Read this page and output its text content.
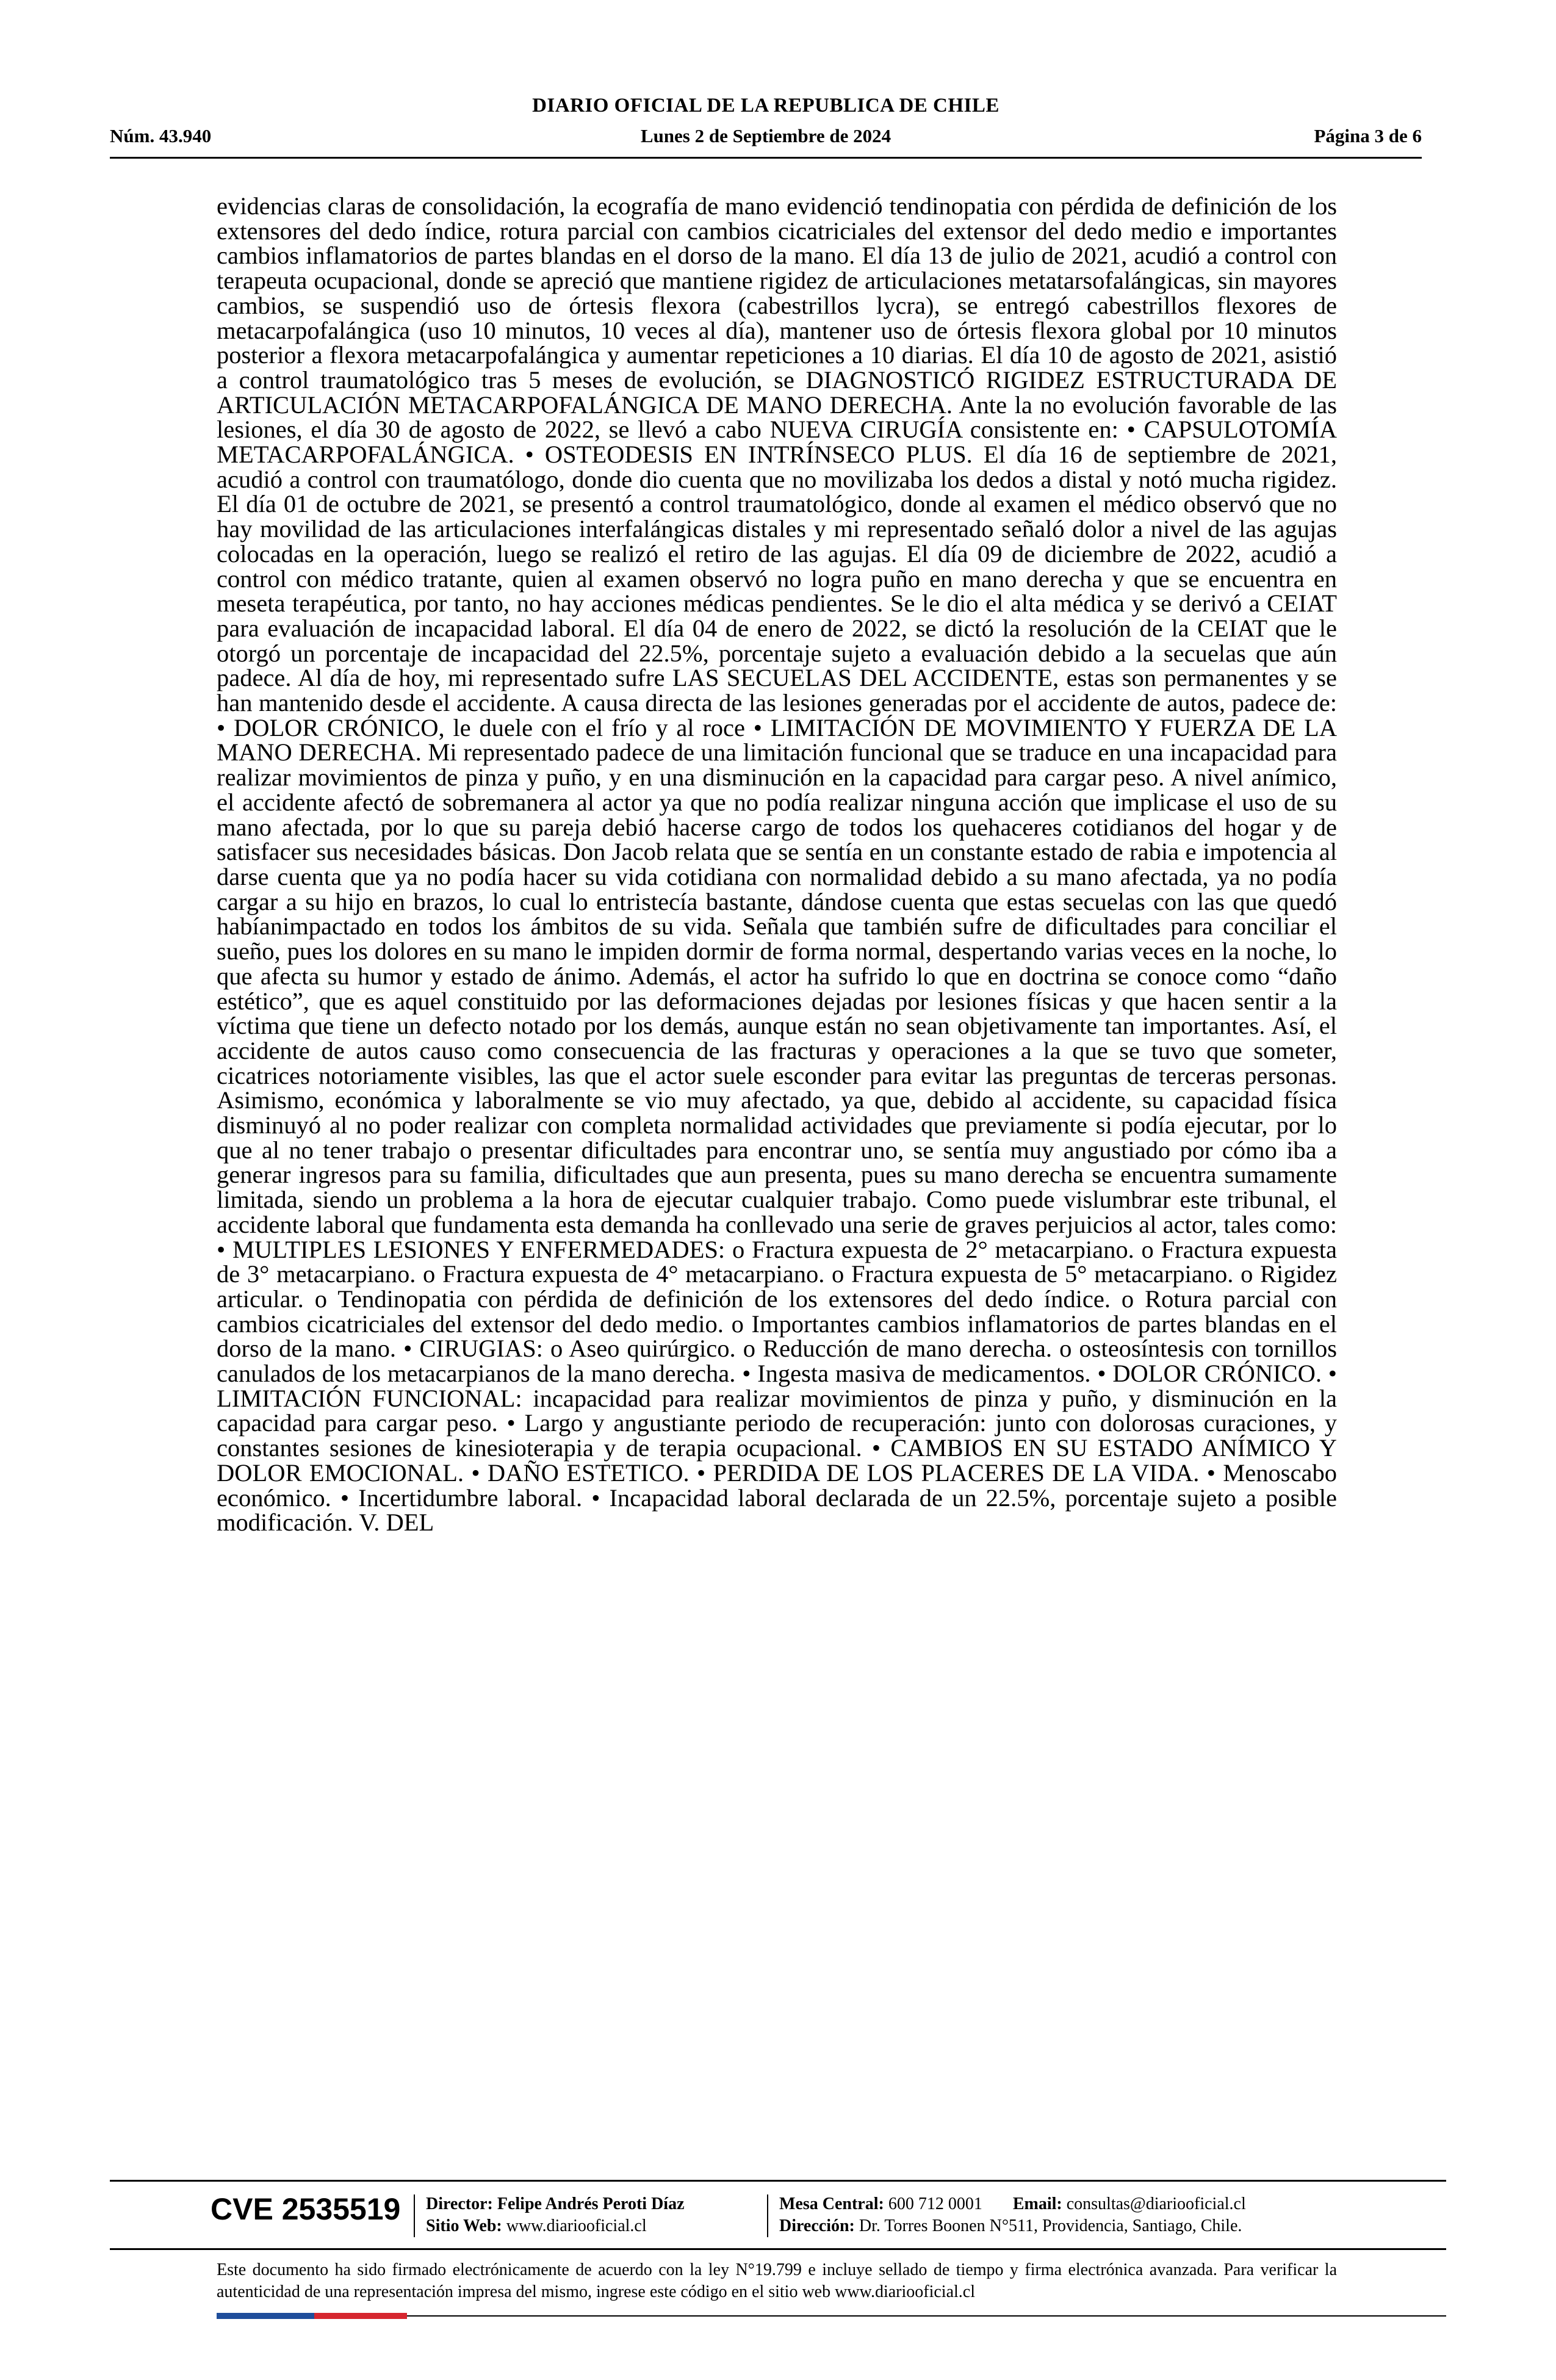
DIARIO OFICIAL DE LA REPUBLICA DE CHILE
Núm. 43.940	Lunes 2 de Septiembre de 2024	Página 3 de 6

evidencias claras de consolidación, la ecografía de mano evidenció tendinopatia con pérdida de definición de los extensores del dedo índice, rotura parcial con cambios cicatriciales del extensor del dedo medio e importantes cambios inflamatorios de partes blandas en el dorso de la mano. El día 13 de julio de 2021, acudió a control con terapeuta ocupacional, donde se apreció que mantiene rigidez de articulaciones metatarsofalángicas, sin mayores cambios, se suspendió uso de órtesis flexora (cabestrillos lycra), se entregó cabestrillos flexores de metacarpofalángica (uso 10 minutos, 10 veces al día), mantener uso de órtesis flexora global por 10 minutos posterior a flexora metacarpofalángica y aumentar repeticiones a 10 diarias. El día 10 de agosto de 2021, asistió a control traumatológico tras 5 meses de evolución, se DIAGNOSTICÓ RIGIDEZ ESTRUCTURADA DE ARTICULACIÓN METACARPOFALÁNGICA DE MANO DERECHA. Ante la no evolución favorable de las lesiones, el día 30 de agosto de 2022, se llevó a cabo NUEVA CIRUGÍA consistente en: • CAPSULOTOMÍA METACARPOFALÁNGICA. • OSTEODESIS EN INTRÍNSECO PLUS. El día 16 de septiembre de 2021, acudió a control con traumatólogo, donde dio cuenta que no movilizaba los dedos a distal y notó mucha rigidez. El día 01 de octubre de 2021, se presentó a control traumatológico, donde al examen el médico observó que no hay movilidad de las articulaciones interfalángicas distales y mi representado señaló dolor a nivel de las agujas colocadas en la operación, luego se realizó el retiro de las agujas. El día 09 de diciembre de 2022, acudió a control con médico tratante, quien al examen observó no logra puño en mano derecha y que se encuentra en meseta terapéutica, por tanto, no hay acciones médicas pendientes. Se le dio el alta médica y se derivó a CEIAT para evaluación de incapacidad laboral. El día 04 de enero de 2022, se dictó la resolución de la CEIAT que le otorgó un porcentaje de incapacidad del 22.5%, porcentaje sujeto a evaluación debido a la secuelas que aún padece. Al día de hoy, mi representado sufre LAS SECUELAS DEL ACCIDENTE, estas son permanentes y se han mantenido desde el accidente. A causa directa de las lesiones generadas por el accidente de autos, padece de: • DOLOR CRÓNICO, le duele con el frío y al roce • LIMITACIÓN DE MOVIMIENTO Y FUERZA DE LA MANO DERECHA. Mi representado padece de una limitación funcional que se traduce en una incapacidad para realizar movimientos de pinza y puño, y en una disminución en la capacidad para cargar peso. A nivel anímico, el accidente afectó de sobremanera al actor ya que no podía realizar ninguna acción que implicase el uso de su mano afectada, por lo que su pareja debió hacerse cargo de todos los quehaceres cotidianos del hogar y de satisfacer sus necesidades básicas. Don Jacob relata que se sentía en un constante estado de rabia e impotencia al darse cuenta que ya no podía hacer su vida cotidiana con normalidad debido a su mano afectada, ya no podía cargar a su hijo en brazos, lo cual lo entristecía bastante, dándose cuenta que estas secuelas con las que quedó habíanimpactado en todos los ámbitos de su vida. Señala que también sufre de dificultades para conciliar el sueño, pues los dolores en su mano le impiden dormir de forma normal, despertando varias veces en la noche, lo que afecta su humor y estado de ánimo. Además, el actor ha sufrido lo que en doctrina se conoce como “daño estético”, que es aquel constituido por las deformaciones dejadas por lesiones físicas y que hacen sentir a la víctima que tiene un defecto notado por los demás, aunque están no sean objetivamente tan importantes. Así, el accidente de autos causo como consecuencia de las fracturas y operaciones a la que se tuvo que someter, cicatrices notoriamente visibles, las que el actor suele esconder para evitar las preguntas de terceras personas. Asimismo, económica y laboralmente se vio muy afectado, ya que, debido al accidente, su capacidad física disminuyó al no poder realizar con completa normalidad actividades que previamente si podía ejecutar, por lo que al no tener trabajo o presentar dificultades para encontrar uno, se sentía muy angustiado por cómo iba a generar ingresos para su familia, dificultades que aun presenta, pues su mano derecha se encuentra sumamente limitada, siendo un problema a la hora de ejecutar cualquier trabajo. Como puede vislumbrar este tribunal, el accidente laboral que fundamenta esta demanda ha conllevado una serie de graves perjuicios al actor, tales como: • MULTIPLES LESIONES Y ENFERMEDADES: o Fractura expuesta de 2° metacarpiano. o Fractura expuesta de 3° metacarpiano. o Fractura expuesta de 4° metacarpiano. o Fractura expuesta de 5° metacarpiano. o Rigidez articular. o Tendinopatia con pérdida de definición de los extensores del dedo índice. o Rotura parcial con cambios cicatriciales del extensor del dedo medio. o Importantes cambios inflamatorios de partes blandas en el dorso de la mano. • CIRUGIAS: o Aseo quirúrgico. o Reducción de mano derecha. o osteosíntesis con tornillos canulados de los metacarpianos de la mano derecha. • Ingesta masiva de medicamentos. • DOLOR CRÓNICO. • LIMITACIÓN FUNCIONAL: incapacidad para realizar movimientos de pinza y puño, y disminución en la capacidad para cargar peso. • Largo y angustiante periodo de recuperación: junto con dolorosas curaciones, y constantes sesiones de kinesioterapia y de terapia ocupacional. • CAMBIOS EN SU ESTADO ANÍMICO Y DOLOR EMOCIONAL. • DAÑO ESTETICO. • PERDIDA DE LOS PLACERES DE LA VIDA. • Menoscabo económico. • Incertidumbre laboral. • Incapacidad laboral declarada de un 22.5%, porcentaje sujeto a posible modificación. V. DEL

CVE 2535519 Director: Felipe Andrés Peroti Díaz
Sitio Web: www.diariooficial.cl
Mesa Central: 600 712 0001 Email: consultas@diariooficial.cl
Dirección: Dr. Torres Boonen N°511, Providencia, Santiago, Chile.

Este documento ha sido firmado electrónicamente de acuerdo con la ley N°19.799 e incluye sellado de tiempo y firma electrónica avanzada. Para verificar la autenticidad de una representación impresa del mismo, ingrese este código en el sitio web www.diariooficial.cl
